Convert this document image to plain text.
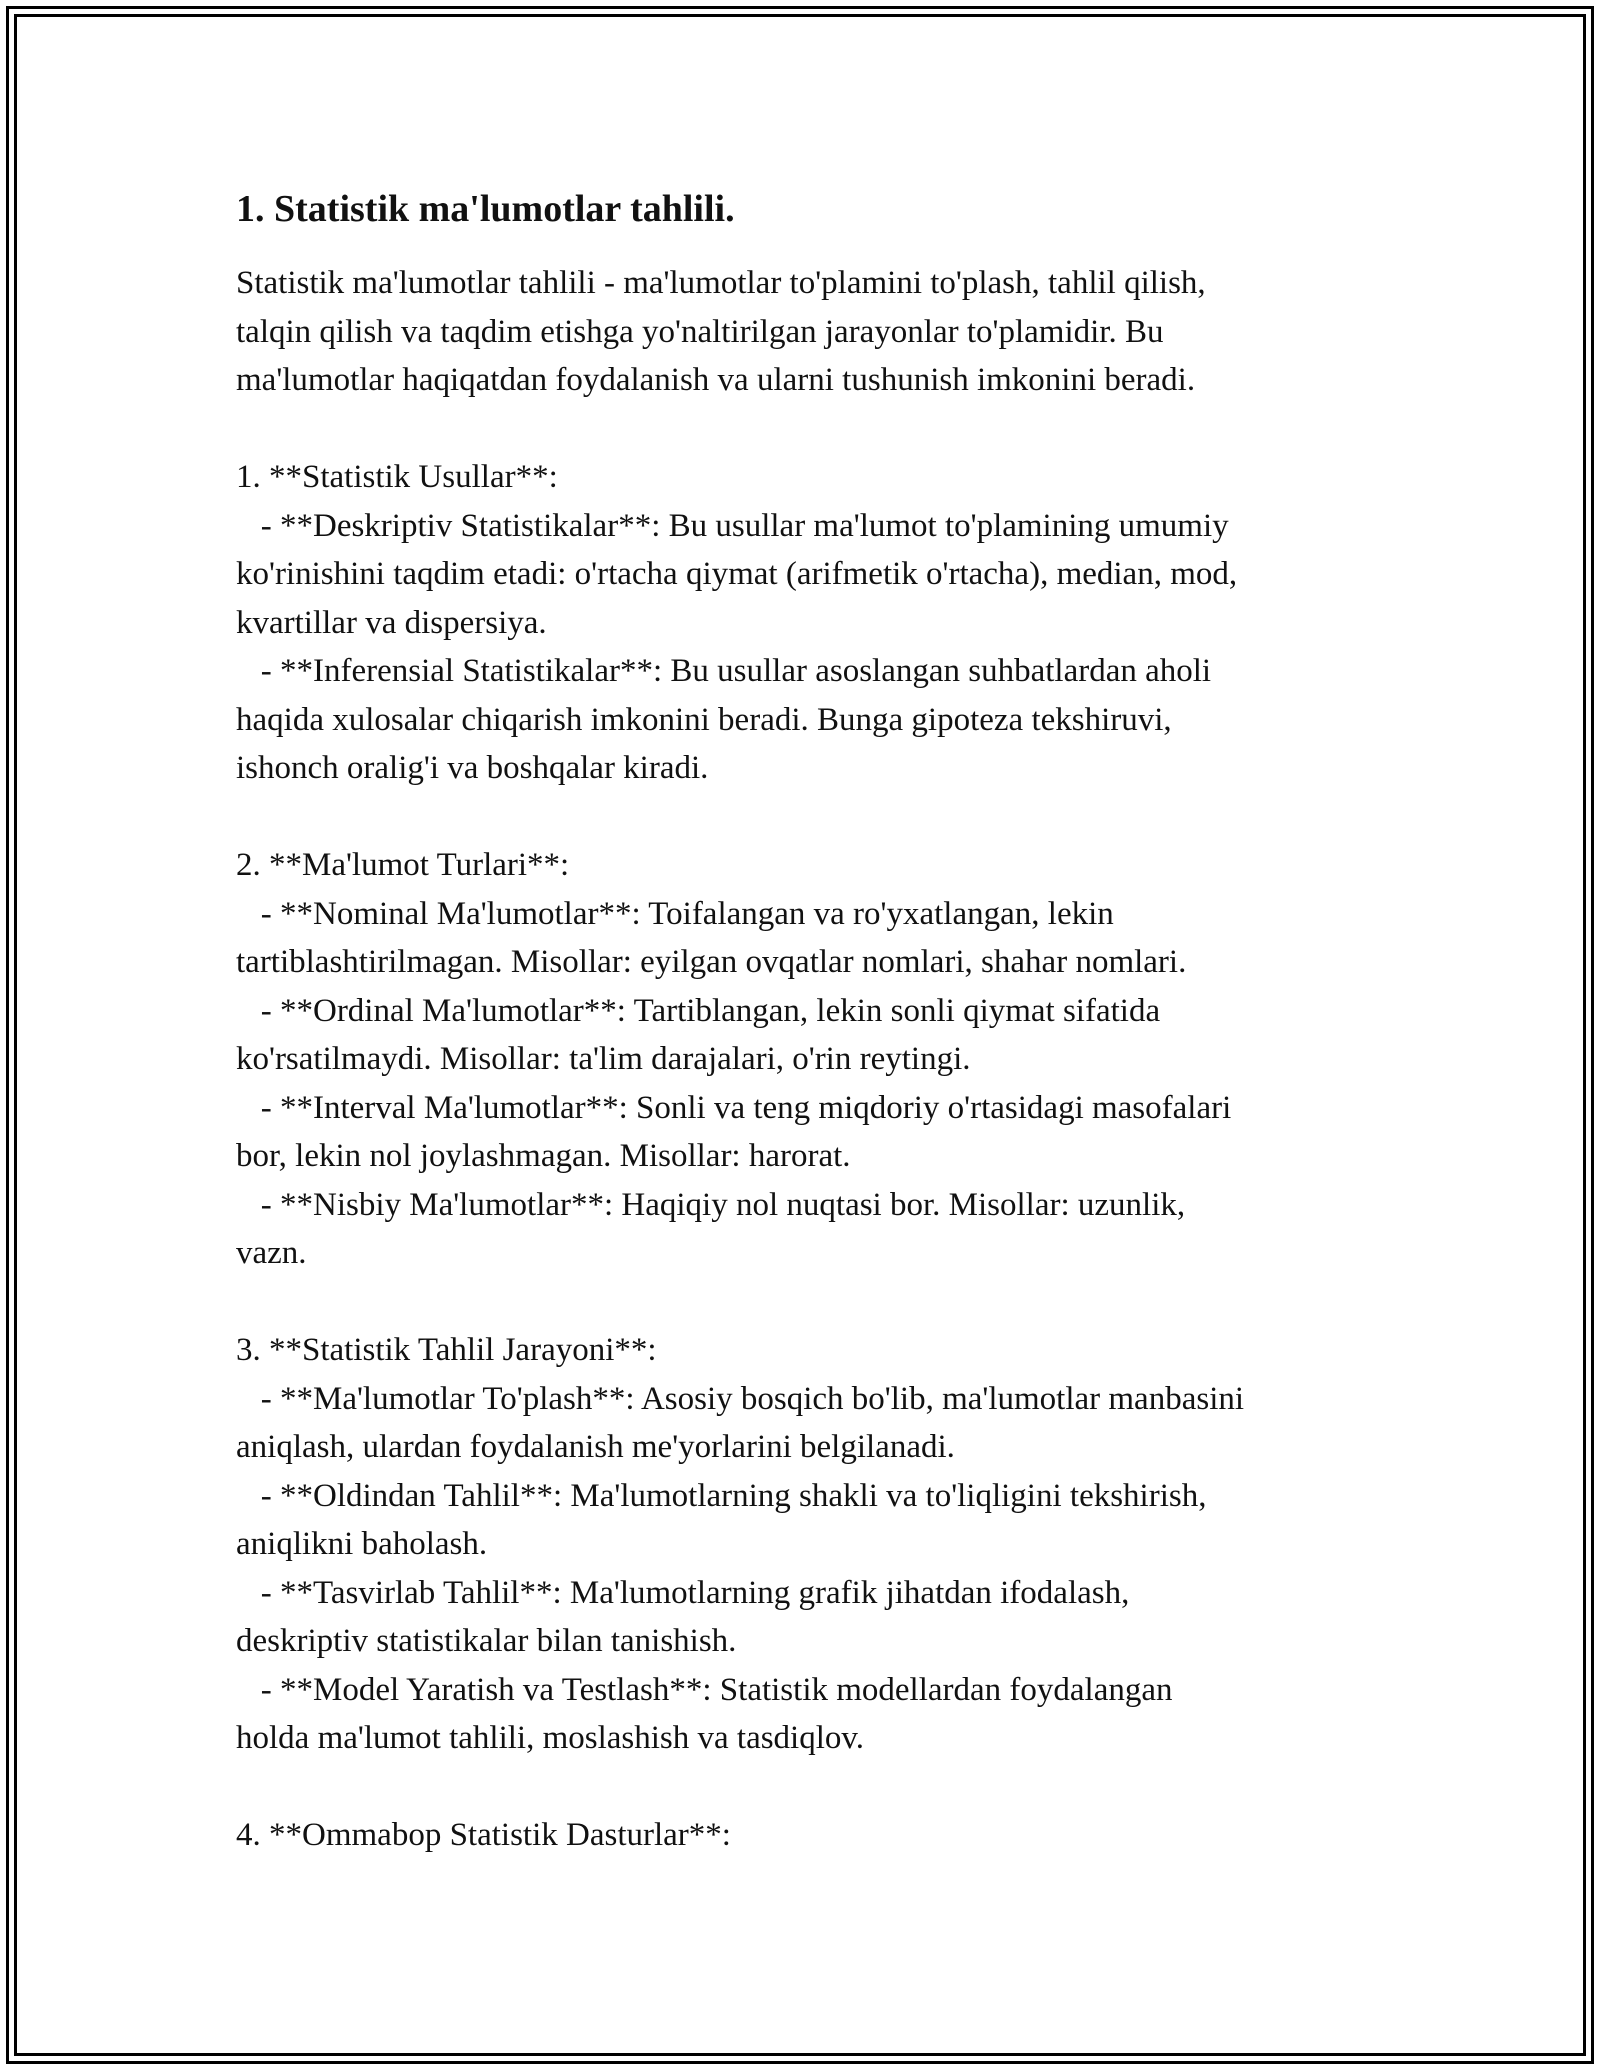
1. Statistik ma'lumotlar tahlili.
Statistik ma'lumotlar tahlili - ma'lumotlar to'plamini to'plash, tahlil qilish,
talqin qilish va taqdim etishga yo'naltirilgan jarayonlar to'plamidir. Bu
ma'lumotlar haqiqatdan foydalanish va ularni tushunish imkonini beradi.
1. **Statistik Usullar**:
- **Deskriptiv Statistikalar**: Bu usullar ma'lumot to'plamining umumiy
ko'rinishini taqdim etadi: o'rtacha qiymat (arifmetik o'rtacha), median, mod,
kvartillar va dispersiya.
- **Inferensial Statistikalar**: Bu usullar asoslangan suhbatlardan aholi
haqida xulosalar chiqarish imkonini beradi. Bunga gipoteza tekshiruvi,
ishonch oralig'i va boshqalar kiradi.
2. **Ma'lumot Turlari**:
- **Nominal Ma'lumotlar**: Toifalangan va ro'yxatlangan, lekin
tartiblashtirilmagan. Misollar: eyilgan ovqatlar nomlari, shahar nomlari.
- **Ordinal Ma'lumotlar**: Tartiblangan, lekin sonli qiymat sifatida
ko'rsatilmaydi. Misollar: ta'lim darajalari, o'rin reytingi.
- **Interval Ma'lumotlar**: Sonli va teng miqdoriy o'rtasidagi masofalari
bor, lekin nol joylashmagan. Misollar: harorat.
- **Nisbiy Ma'lumotlar**: Haqiqiy nol nuqtasi bor. Misollar: uzunlik,
vazn.
3. **Statistik Tahlil Jarayoni**:
- **Ma'lumotlar To'plash**: Asosiy bosqich bo'lib, ma'lumotlar manbasini
aniqlash, ulardan foydalanish me'yorlarini belgilanadi.
- **Oldindan Tahlil**: Ma'lumotlarning shakli va to'liqligini tekshirish,
aniqlikni baholash.
- **Tasvirlab Tahlil**: Ma'lumotlarning grafik jihatdan ifodalash,
deskriptiv statistikalar bilan tanishish.
- **Model Yaratish va Testlash**: Statistik modellardan foydalangan
holda ma'lumot tahlili, moslashish va tasdiqlov.
4. **Ommabop Statistik Dasturlar**:
